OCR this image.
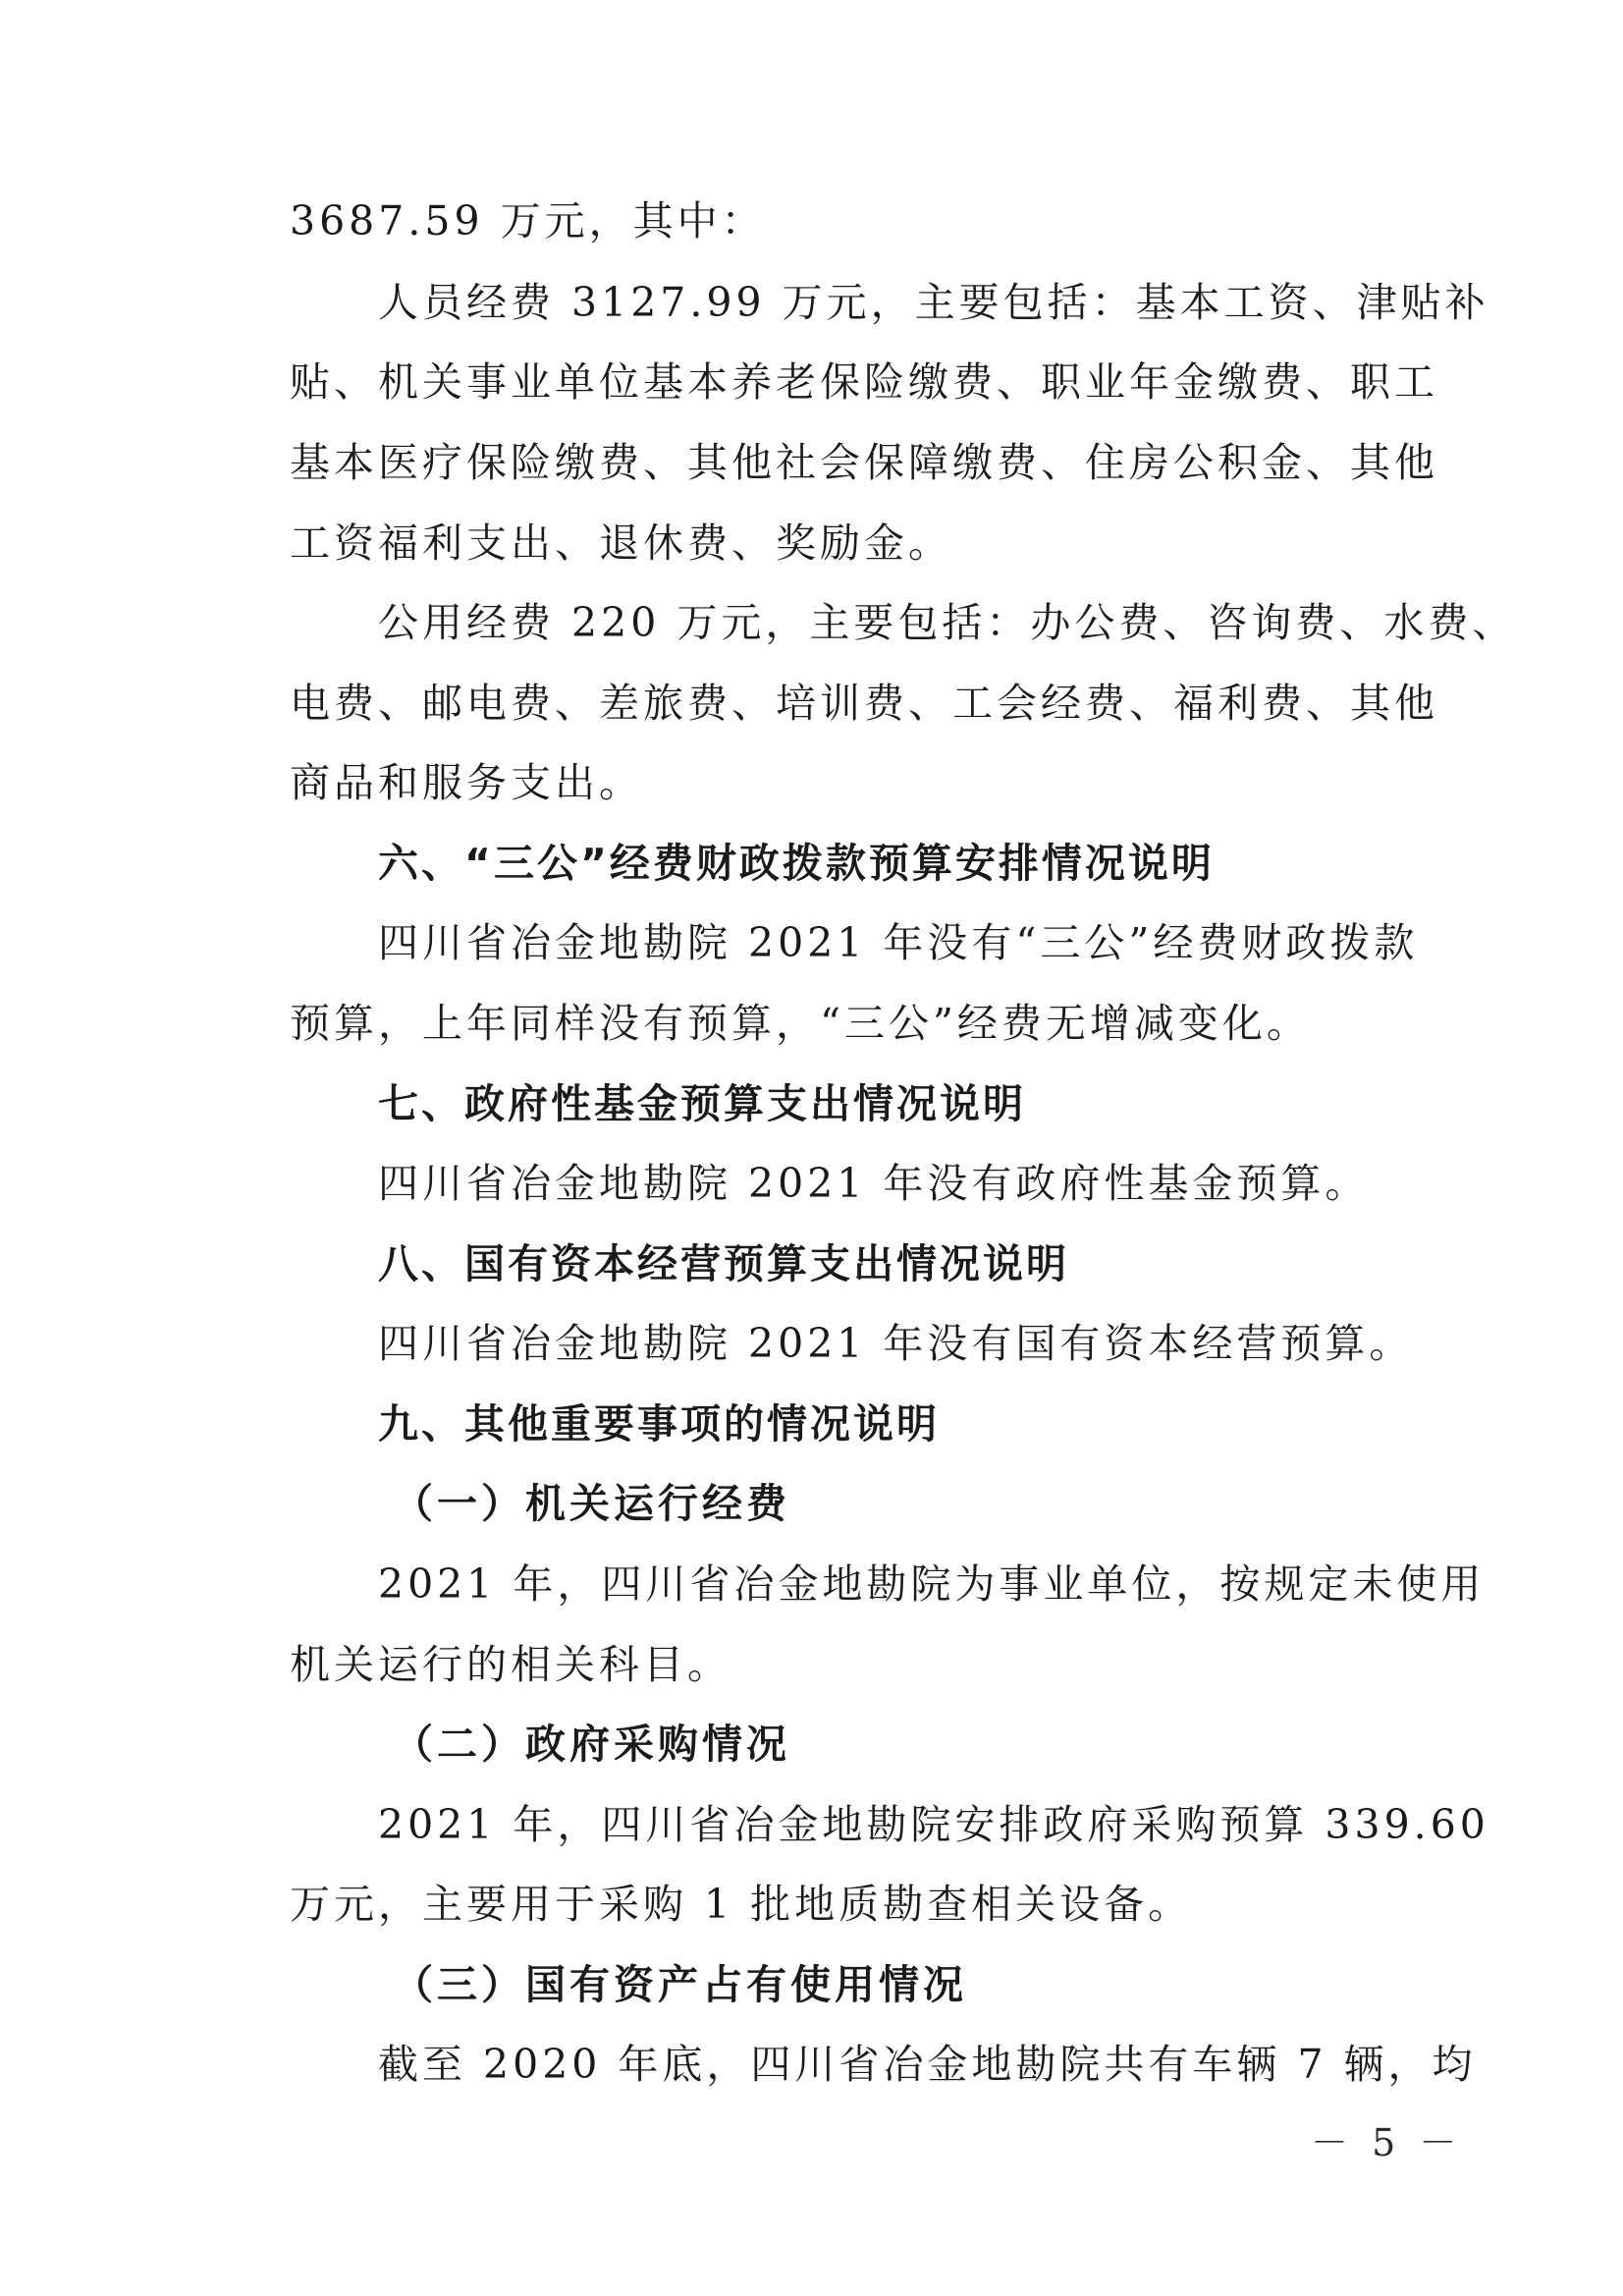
3687.59 万元，其中：

人员经费 3127.99 万元，主要包括：基本工资、津贴补

贴、机关事业单位基本养老保险缴费、职业年金缴费、职工

基本医疗保险缴费、其他社会保障缴费、住房公积金、其他

工资福利支出、退休费、奖励金。

公用经费 220 万元，主要包括：办公费、咨询费、水费、

电费、邮电费、差旅费、培训费、工会经费、福利费、其他

商品和服务支出。

六、“三公”经费财政拨款预算安排情况说明

四川省冶金地勘院 2021 年没有“三公”经费财政拨款

预算，上年同样没有预算，“三公”经费无增减变化。

七、政府性基金预算支出情况说明

四川省冶金地勘院 2021 年没有政府性基金预算。

八、国有资本经营预算支出情况说明

四川省冶金地勘院 2021 年没有国有资本经营预算。

九、其他重要事项的情况说明

（一）机关运行经费

2021 年，四川省冶金地勘院为事业单位，按规定未使用

机关运行的相关科目。

（二）政府采购情况

2021 年，四川省冶金地勘院安排政府采购预算 339.60

万元，主要用于采购 1 批地质勘查相关设备。

（三）国有资产占有使用情况

截至 2020 年底，四川省冶金地勘院共有车辆 7 辆，均

－ 5 －
